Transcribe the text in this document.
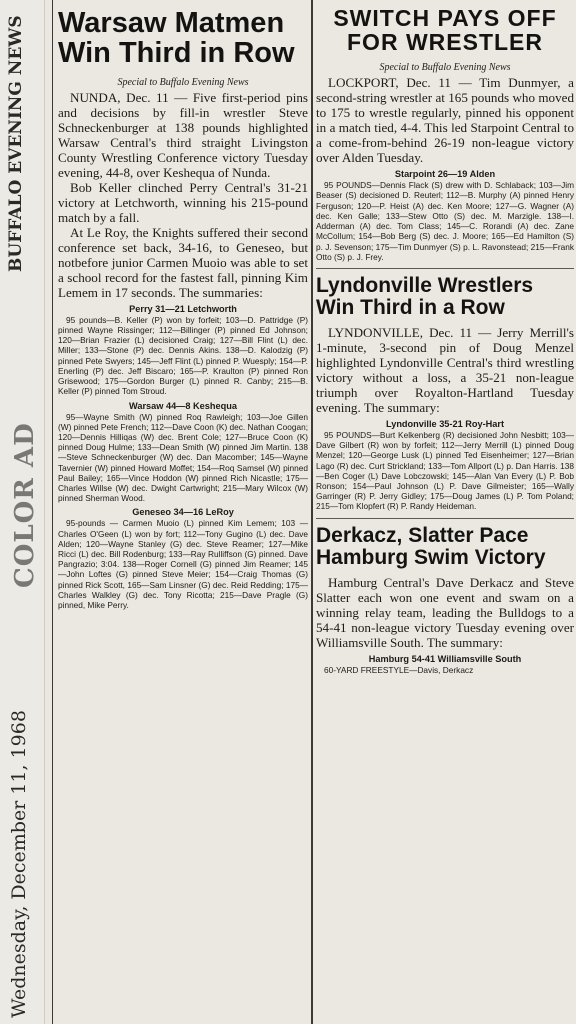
BUFFALO EVENING NEWS
COLOR AD
Wednesday, December 11, 1968
Warsaw Matmen
Win Third in Row
Special to Buffalo Evening News

NUNDA, Dec. 11 — Five first-period pins and decisions by fill-in wrestler Steve Schneckenburger at 138 pounds highlighted Warsaw Central's third straight Livingston County Wrestling Conference victory Tuesday evening, 44-8, over Keshequa of Nunda.

Bob Keller clinched Perry Central's 31-21 victory at Letchworth, winning his 215-pound match by a fall.

At Le Roy, the Knights suffered their second conference set back, 34-16, to Geneseo, but notbefore junior Carmen Muoio was able to set a school record for the fastest fall, pinning Kim Lemem in 17 seconds. The summaries:

Perry 31—21 Letchworth

95 pounds—B. Keller (P) won by forfeit; 103—D. Pattridge (P) pinned Wayne Rissinger; 112—Billinger (P) pinned Ed Johnson; 120—Brian Frazier (L) decisioned Craig; 127—Bill Flint (L) dec. Miller; 133—Stone (P) dec. Dennis Akins. 138—D. Kalodzig (P) pinned Pete Swyers; 145—Jeff Flint (L) pinned P. Wuesply; 154—P. Enerling (P) dec. Jeff Biscaro; 165—P. Kraulton (P) pinned Ron Grisewood; 175—Gordon Burger (L) pinned R. Canby; 215—B. Keller (P) pinned Tom Stroud.

Warsaw 44—8 Keshequa

95—Wayne Smith (W) pinned Roq Rawleigh; 103—Joe Gillen (W) pinned Pete French; 112—Dave Coon (K) dec. Nathan Coogan; 120—Dennis Hilliqas (W) dec. Brent Cole; 127—Bruce Coon (K) pinned Doug Hulme; 133—Dean Smith (W) pinned Jim Martin. 138—Steve Schneckenburger (W) dec. Dan Macomber; 145—Wayne Tavernier (W) pinned Howard Moffet; 154—Roq Samsel (W) pinned Paul Bailey; 165—Vince Hoddon (W) pinned Rich Nicastle; 175—Charles Willse (W) dec. Dwight Cartwright; 215—Mary Wilcox (W) pinned Sherman Wood.

Geneseo 34—16 LeRoy

95-pounds — Carmen Muoio (L) pinned Kim Lemem; 103 — Charles O'Geen (L) won by fort; 112—Tony Gugino (L) dec. Dave Alden; 120—Wayne Stanley (G) dec. Steve Reamer; 127—Mike Ricci (L) dec. Bill Rodenburg; 133—Ray Rulliffson (G) pinned. Dave Pangrazio; 3:04. 138—Roger Cornell (G) pinned Jim Reamer; 145—John Loftes (G) pinned Steve Meier; 154—Craig Thomas (G) pinned Rick Scott, 165—Sam Linsner (G) dec. Reid Redding; 175—Charles Walkley (G) dec. Tony Ricotta; 215—Dave Pragle (G) pinned, Mike Perry.

SWITCH PAYS OFF
FOR WRESTLER
Special to Buffalo Evening News

LOCKPORT, Dec. 11 — Tim Dunmyer, a second-string wrestler at 165 pounds who moved to 175 to wrestle regularly, pinned his opponent in a match tied, 4-4. This led Starpoint Central to a come-from-behind 26-19 non-league victory over Alden Tuesday.

Starpoint 26—19 Alden

95 POUNDS—Dennis Flack (S) drew with D. Schlaback; 103—Jim Beaser (S) decisioned D. Reuterl; 112—B. Murphy (A) pinned Henry Ferguson; 120—P. Heist (A) dec. Ken Moore; 127—G. Wagner (A) dec. Ken Galle; 133—Stew Otto (S) dec. M. Marzigle. 138—I. Adderman (A) dec. Tom Class; 145—C. Rorandi (A) dec. Zane McCollum; 154—Bob Berg (S) dec. J. Moore; 165—Ed Hamilton (S) p. J. Sevenson; 175—Tim Dunmyer (S) p. L. Ravonstead; 215—Frank Otto (S) p. J. Frey.

Lyndonville Wrestlers
Win Third in a Row

LYNDONVILLE, Dec. 11 — Jerry Merrill's 1-minute, 3-second pin of Doug Menzel highlighted Lyndonville Central's third wrestling victory without a loss, a 35-21 non-league triumph over Royalton-Hartland Tuesday evening. The summary:

Lyndonville 35-21 Roy-Hart

95 POUNDS—Burt Kelkenberg (R) decisioned John Nesbitt; 103—Dave Gilbert (R) won by forfeit; 112—Jerry Merrill (L) pinned Doug Menzel; 120—George Lusk (L) pinned Ted Eisenheimer; 127—Brian Lago (R) dec. Curt Strickland; 133—Tom Allport (L) p. Dan Harris. 138—Ben Coger (L) Dave Lobczowski; 145—Alan Van Every (L) P. Bob Ronson; 154—Paul Johnson (L) P. Dave Gilmeister; 165—Wally Garringer (R) P. Jerry Gidley; 175—Doug James (L) P. Tom Poland; 215—Tom Klopfert (R) P. Randy Heideman.

Derkacz, Slatter Pace
Hamburg Swim Victory

Hamburg Central's Dave Derkacz and Steve Slatter each won one event and swam on a winning relay team, leading the Bulldogs to a 54-41 non-league victory Tuesday evening over Williamsville South. The summary:

Hamburg 54-41 Williamsville South

60-YARD FREESTYLE—Davis, Derkacz
